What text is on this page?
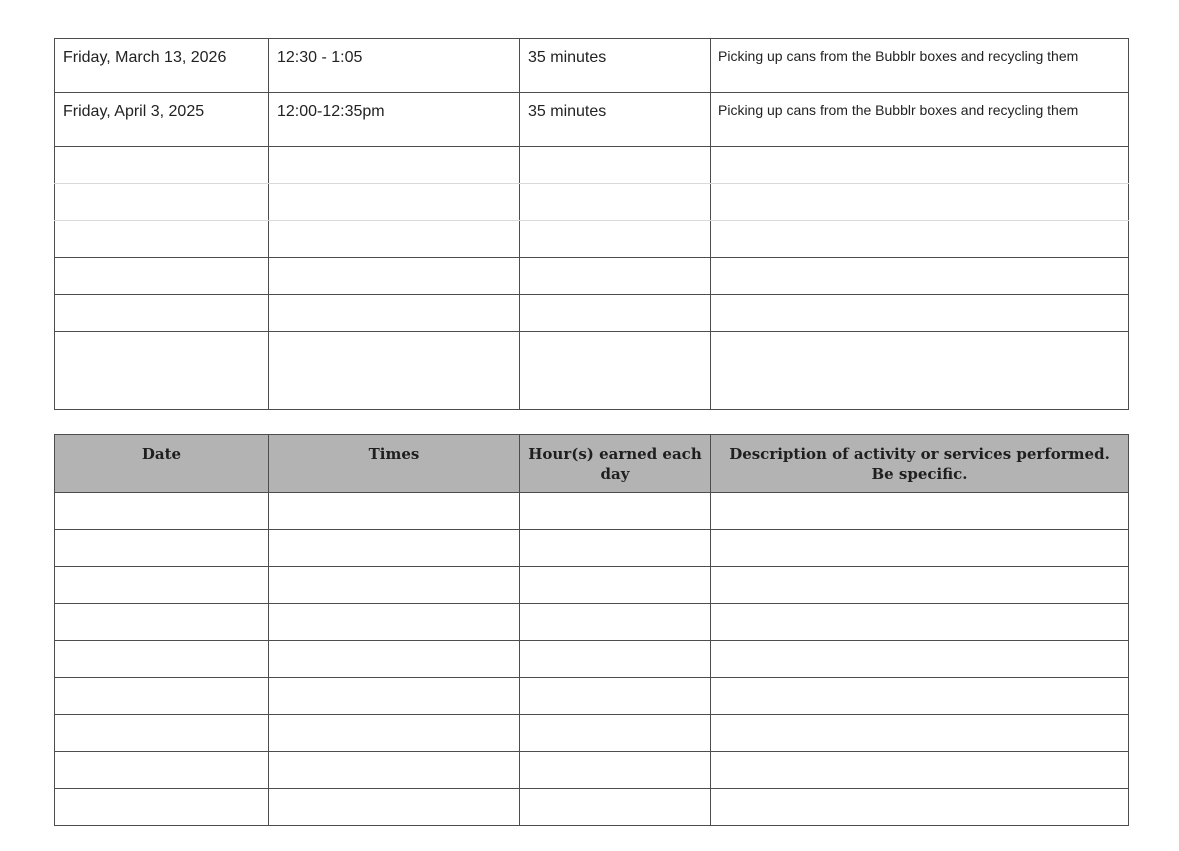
Friday, March 13, 2026	12:30 - 1:05	35 minutes	Picking up cans from the Bubblr boxes and recycling them

Friday, April 3, 2025	12:00-12:35pm	35 minutes	Picking up cans from the Bubblr boxes and recycling them

Date	Times	Hour(s) earned each day	Description of activity or services performed. Be specific.
